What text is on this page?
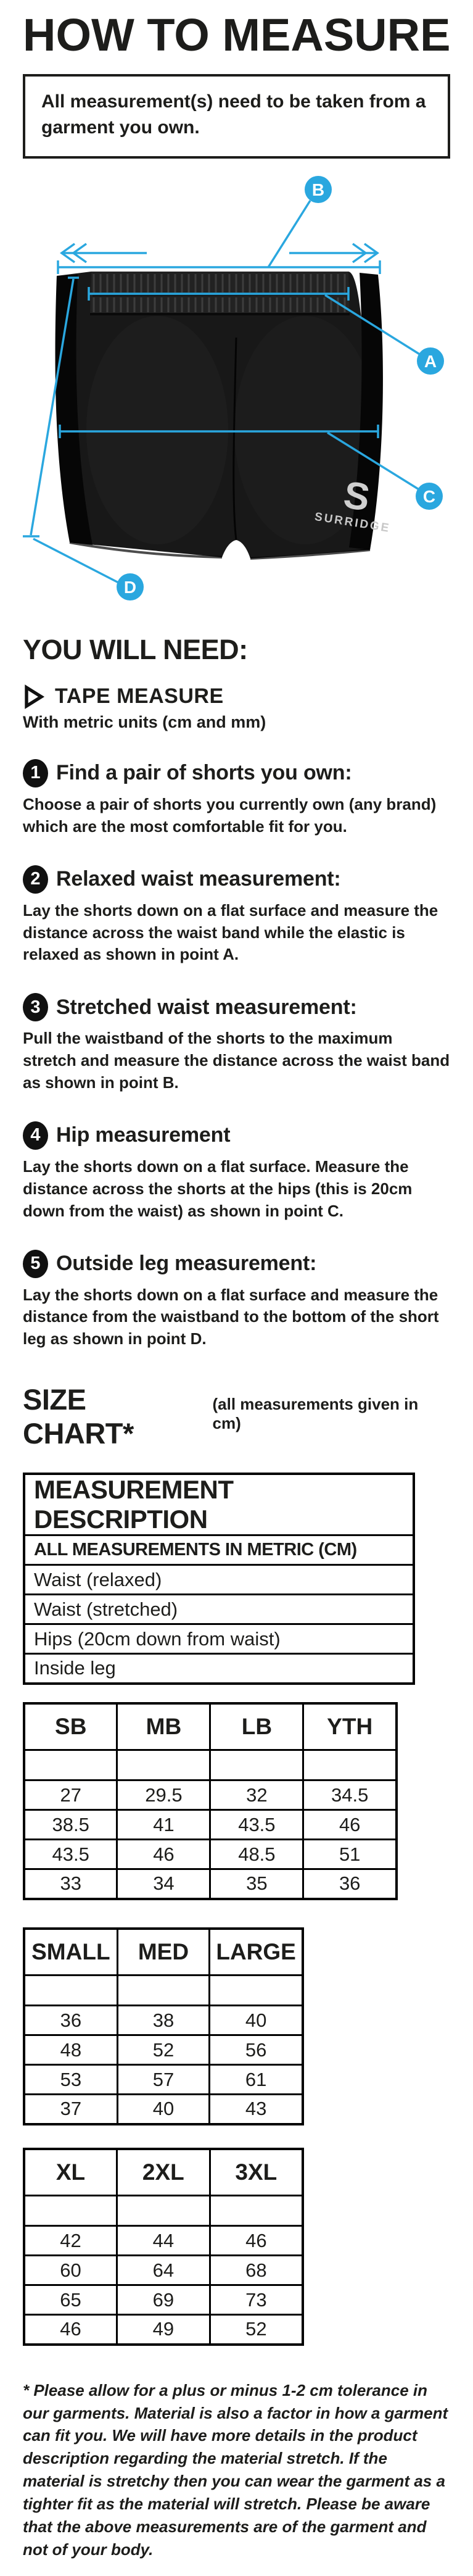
HOW TO MEASURE

All measurement(s) need to be taken from a garment you own.

S
SURRIDGE
B
A
C
D
YOU WILL NEED:
TAPE MEASURE
With metric units (cm and mm)
1 Find a pair of shorts you own:

Choose a pair of shorts you currently own (any brand) which are the most comfortable fit for you.

2 Relaxed waist measurement:

Lay the shorts down on a flat surface and measure the distance across the waist band while the elastic is relaxed as shown in point A.

3 Stretched waist measurement:

Pull the waistband of the shorts to the maximum stretch and measure the distance across the waist band as shown in point B.

4 Hip measurement

Lay the shorts down on a flat surface. Measure the distance across the shorts at the hips (this is 20cm down from the waist) as shown in point C.

5 Outside leg measurement:

Lay the shorts down on a flat surface and measure the distance from the waistband to the bottom of the short leg as shown in point D.

SIZE CHART*
(all measurements given in cm)
MEASUREMENT DESCRIPTION
ALL MEASUREMENTS IN METRIC (CM)
Waist (relaxed)
Waist (stretched)
Hips (20cm down from waist)
Inside leg
SB	MB	LB	YTH

27	29.5	32	34.5
38.5	41	43.5	46
43.5	46	48.5	51
33	34	35	36
SMALL	MED	LARGE

36	38	40
48	52	56
53	57	61
37	40	43
XL	2XL	3XL

42	44	46
60	64	68
65	69	73
46	49	52

* Please allow for a plus or minus 1-2 cm tolerance in our garments. Material is also a factor in how a garment can fit you. We will have more details in the product description regarding the material stretch. If the material is stretchy then you can wear the garment as a tighter fit as the material will stretch. Please be aware that the above measurements are of the garment and not of your body.
